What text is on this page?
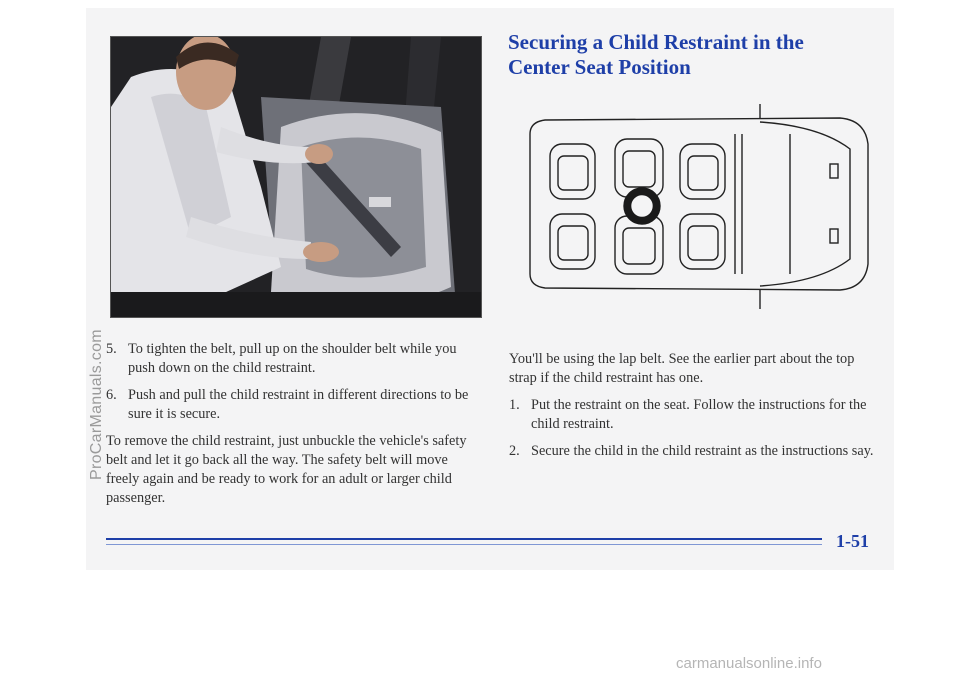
Securing a Child Restraint in the Center Seat Position
5. To tighten the belt, pull up on the shoulder belt while you push down on the child restraint.
6. Push and pull the child restraint in different directions to be sure it is secure.

To remove the child restraint, just unbuckle the vehicle's safety belt and let it go back all the way. The safety belt will move freely again and be ready to work for an adult or larger child passenger.

You'll be using the lap belt. See the earlier part about the top strap if the child restraint has one.

1. Put the restraint on the seat. Follow the instructions for the child restraint.
2. Secure the child in the child restraint as the instructions say.
1-51
ProCarManuals.com
carmanualsonline.info
